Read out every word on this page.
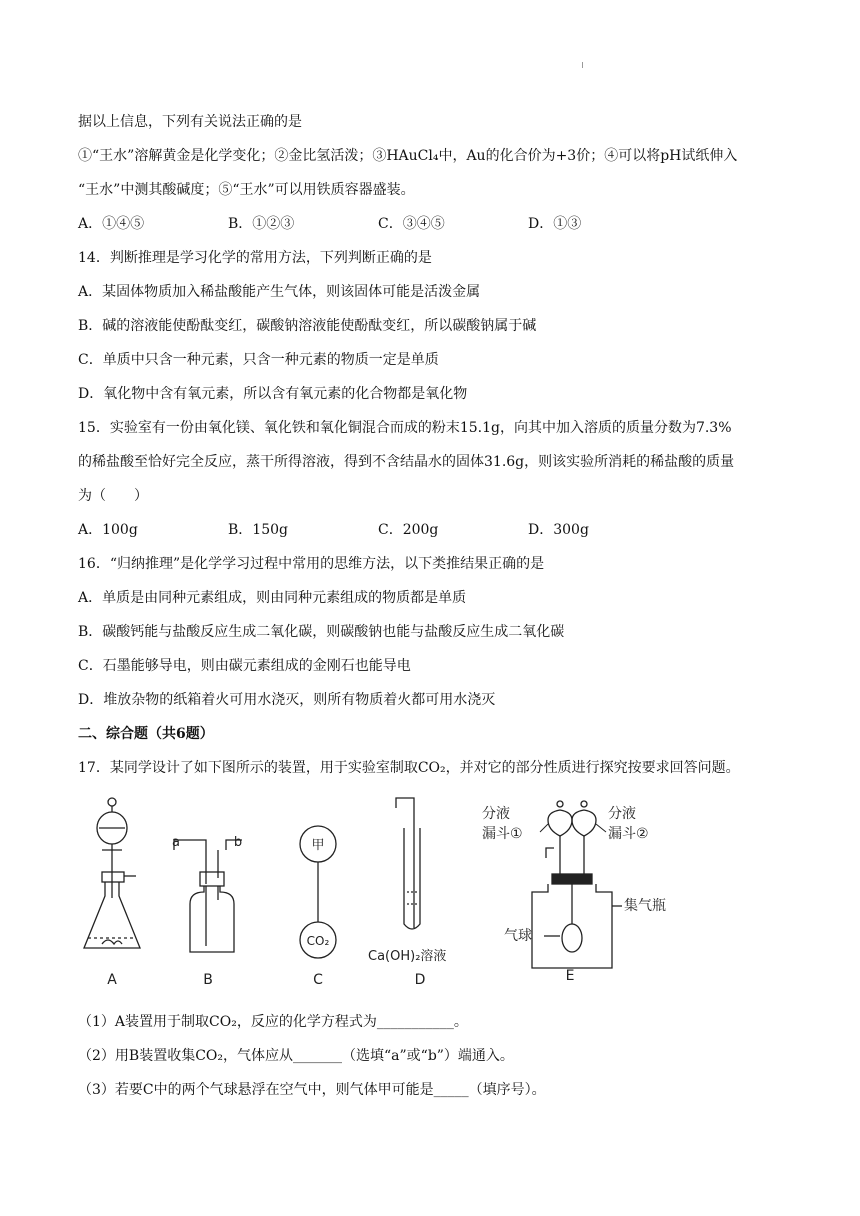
据以上信息，下列有关说法正确的是
①“王水”溶解黄金是化学变化；②金比氢活泼；③HAuCl₄中，Au的化合价为+3价；④可以将pH试纸伸入
“王水”中测其酸碱度；⑤“王水”可以用铁质容器盛装。
A．①④⑤	B．①②③	C．③④⑤	D．①③
14．判断推理是学习化学的常用方法，下列判断正确的是
A．某固体物质加入稀盐酸能产生气体，则该固体可能是活泼金属
B．碱的溶液能使酚酞变红，碳酸钠溶液能使酚酞变红，所以碳酸钠属于碱
C．单质中只含一种元素，只含一种元素的物质一定是单质
D．氧化物中含有氧元素，所以含有氧元素的化合物都是氧化物
15．实验室有一份由氧化镁、氧化铁和氧化铜混合而成的粉末15.1g，向其中加入溶质的质量分数为7.3%
的稀盐酸至恰好完全反应，蒸干所得溶液，得到不含结晶水的固体31.6g，则该实验所消耗的稀盐酸的质量
为（　　）
A．100g	B．150g	C．200g	D．300g
16．“归纳推理”是化学学习过程中常用的思维方法，以下类推结果正确的是
A．单质是由同种元素组成，则由同种元素组成的物质都是单质
B．碳酸钙能与盐酸反应生成二氧化碳，则碳酸钠也能与盐酸反应生成二氧化碳
C．石墨能够导电，则由碳元素组成的金刚石也能导电
D．堆放杂物的纸箱着火可用水浇灭，则所有物质着火都可用水浇灭
二、综合题（共6题）
17．某同学设计了如下图所示的装置，用于实验室制取CO₂，并对它的部分性质进行探究按要求回答问题。
A	B	C	D	E
a	b	甲
CO₂
Ca(OH)₂溶液
分液
漏斗①
分液
漏斗②
集气瓶
气球
（1）A装置用于制取CO₂，反应的化学方程式为___________。
（2）用B装置收集CO₂，气体应从_______（选填“a”或“b”）端通入。
（3）若要C中的两个气球悬浮在空气中，则气体甲可能是_____（填序号）。
